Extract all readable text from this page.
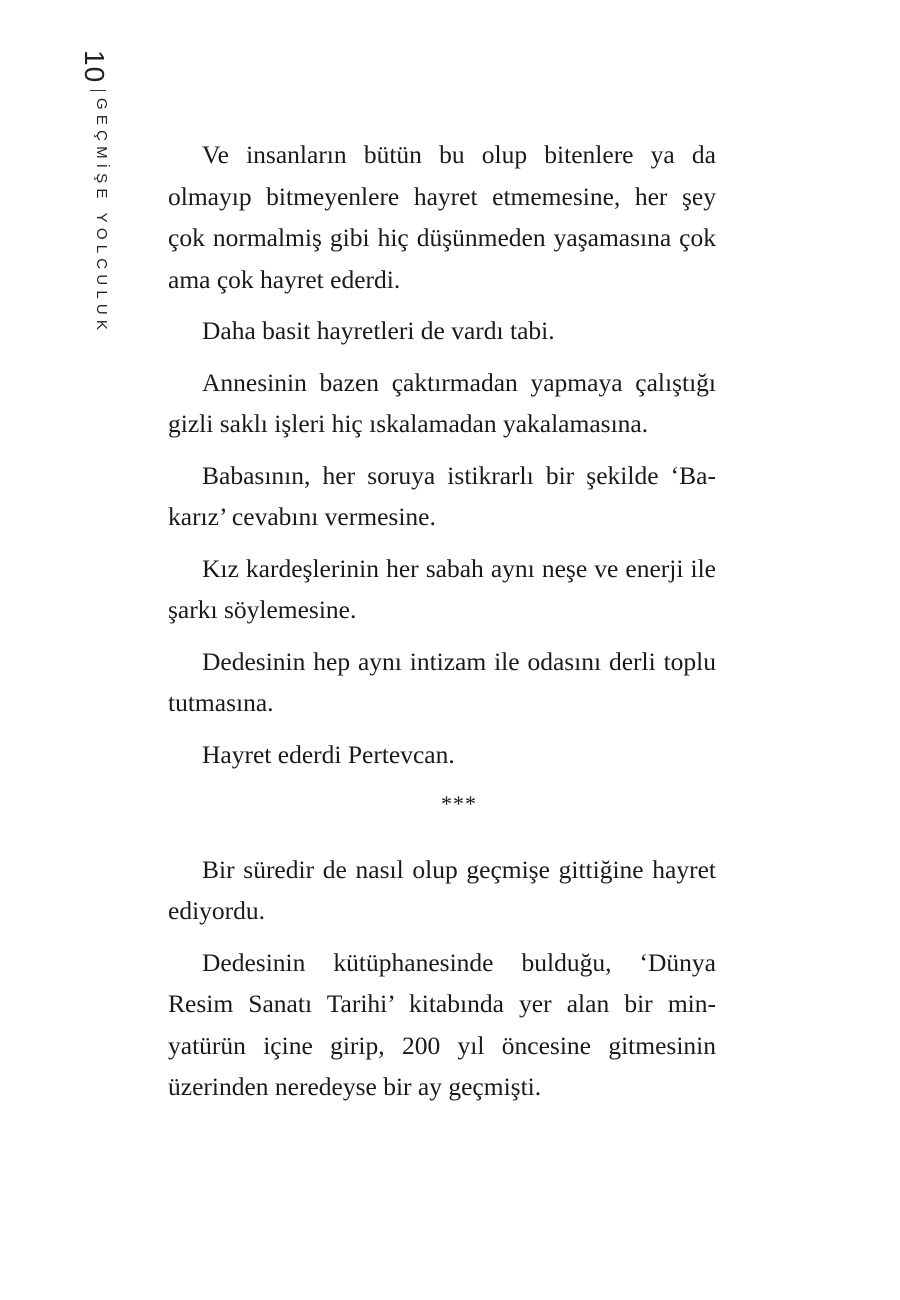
10
GEÇMİŞE YOLCULUK	Ve insanların bütün bu olup bitenlere ya da olmayıp bitmeyenlere hayret etmemesine, her şey çok normalmiş gibi hiç düşünmeden yaşamasına çok ama çok hayret ederdi.

Daha basit hayretleri de vardı tabi.

Annesinin bazen çaktırmadan yapmaya çalıştığı gizli saklı işleri hiç ıskalamadan yakalamasına.

Babasının, her soruya istikrarlı bir şekilde ‘Bakarız’ cevabını vermesine.

Kız kardeşlerinin her sabah aynı neşe ve enerji ile şarkı söylemesine.

Dedesinin hep aynı intizam ile odasını derli toplu tutmasına.

Hayret ederdi Pertevcan.

***

Bir süredir de nasıl olup geçmişe gittiğine hayret ediyordu.

Dedesinin kütüphanesinde bulduğu, ‘Dünya Resim Sanatı Tarihi’ kitabında yer alan bir minyatürün içine girip, 200 yıl öncesine gitmesinin üzerinden neredeyse bir ay geçmişti.
